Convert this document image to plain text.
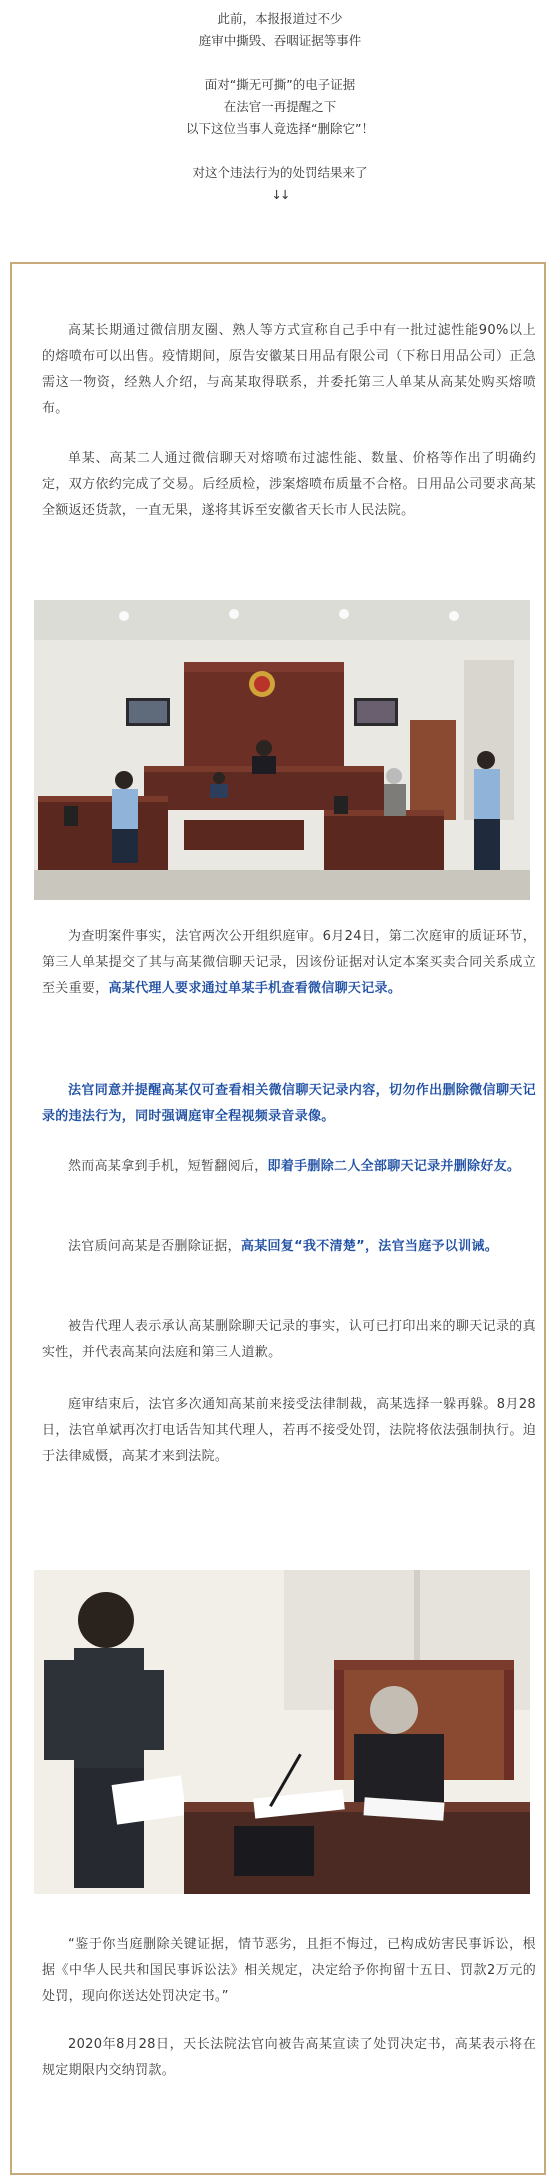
此前，本报报道过不少
庭审中撕毁、吞咽证据等事件
面对“撕无可撕”的电子证据
在法官一再提醒之下
以下这位当事人竟选择“删除它”！
对这个违法行为的处罚结果来了
↓↓

高某长期通过微信朋友圈、熟人等方式宣称自己手中有一批过滤性能90%以上的熔喷布可以出售。疫情期间，原告安徽某日用品有限公司（下称日用品公司）正急需这一物资，经熟人介绍，与高某取得联系，并委托第三人单某从高某处购买熔喷布。

单某、高某二人通过微信聊天对熔喷布过滤性能、数量、价格等作出了明确约定，双方依约完成了交易。后经质检，涉案熔喷布质量不合格。日用品公司要求高某全额返还货款，一直无果，遂将其诉至安徽省天长市人民法院。

为查明案件事实，法官两次公开组织庭审。6月24日，第二次庭审的质证环节，第三人单某提交了其与高某微信聊天记录，因该份证据对认定本案买卖合同关系成立至关重要，高某代理人要求通过单某手机查看微信聊天记录。

法官同意并提醒高某仅可查看相关微信聊天记录内容，切勿作出删除微信聊天记录的违法行为，同时强调庭审全程视频录音录像。

然而高某拿到手机，短暂翻阅后，即着手删除二人全部聊天记录并删除好友。

法官质问高某是否删除证据，高某回复“我不清楚”，法官当庭予以训诫。

被告代理人表示承认高某删除聊天记录的事实，认可已打印出来的聊天记录的真实性，并代表高某向法庭和第三人道歉。

庭审结束后，法官多次通知高某前来接受法律制裁，高某选择一躲再躲。8月28日，法官单斌再次打电话告知其代理人，若再不接受处罚，法院将依法强制执行。迫于法律威慑，高某才来到法院。

“鉴于你当庭删除关键证据，情节恶劣，且拒不悔过，已构成妨害民事诉讼，根据《中华人民共和国民事诉讼法》相关规定，决定给予你拘留十五日、罚款2万元的处罚，现向你送达处罚决定书。”

2020年8月28日，天长法院法官向被告高某宣读了处罚决定书，高某表示将在规定期限内交纳罚款。
